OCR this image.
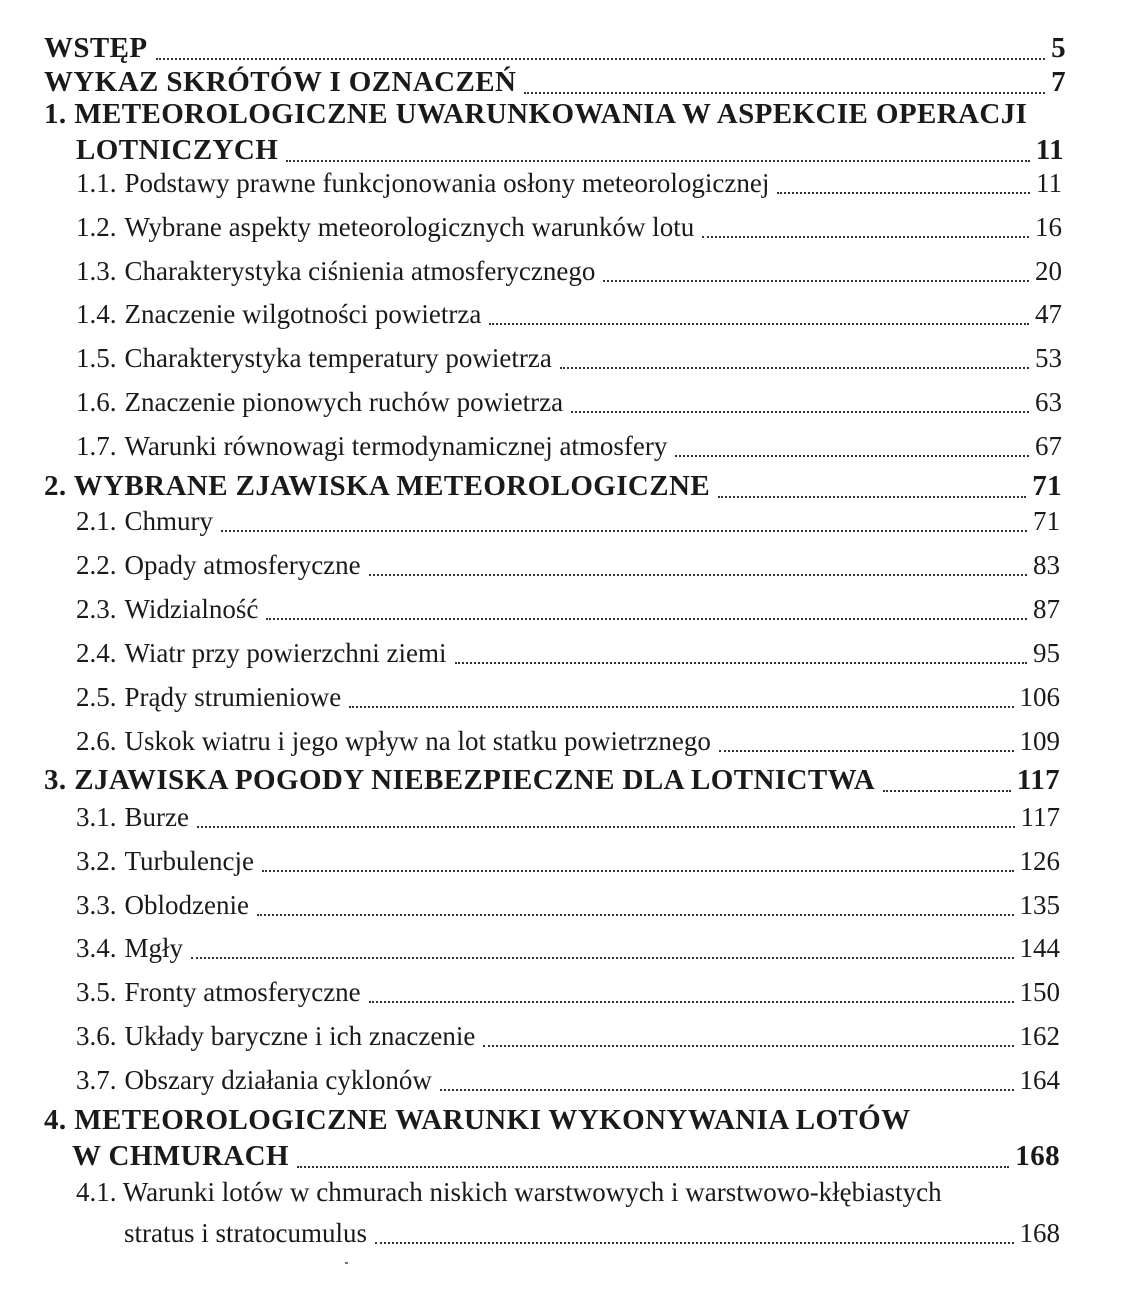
WSTĘP	5
WYKAZ SKRÓTÓW I OZNACZEŃ	7
1. METEOROLOGICZNE UWARUNKOWANIA W ASPEKCIE OPERACJI
LOTNICZYCH	11
1.1. Podstawy prawne funkcjonowania osłony meteorologicznej	11
1.2. Wybrane aspekty meteorologicznych warunków lotu	16
1.3. Charakterystyka ciśnienia atmosferycznego	20
1.4. Znaczenie wilgotności powietrza	47
1.5. Charakterystyka temperatury powietrza	53
1.6. Znaczenie pionowych ruchów powietrza	63
1.7. Warunki równowagi termodynamicznej atmosfery	67
2. WYBRANE ZJAWISKA METEOROLOGICZNE	71
2.1. Chmury	71
2.2. Opady atmosferyczne	83
2.3. Widzialność	87
2.4. Wiatr przy powierzchni ziemi	95
2.5. Prądy strumieniowe	106
2.6. Uskok wiatru i jego wpływ na lot statku powietrznego	109
3. ZJAWISKA POGODY NIEBEZPIECZNE DLA LOTNICTWA	117
3.1. Burze	117
3.2. Turbulencje	126
3.3. Oblodzenie	135
3.4. Mgły	144
3.5. Fronty atmosferyczne	150
3.6. Układy baryczne i ich znaczenie	162
3.7. Obszary działania cyklonów	164
4. METEOROLOGICZNE WARUNKI WYKONYWANIA LOTÓW
W CHMURACH	168
4.1. Warunki lotów w chmurach niskich warstwowych i warstwowo-kłębiastych
stratus i stratocumulus	168
